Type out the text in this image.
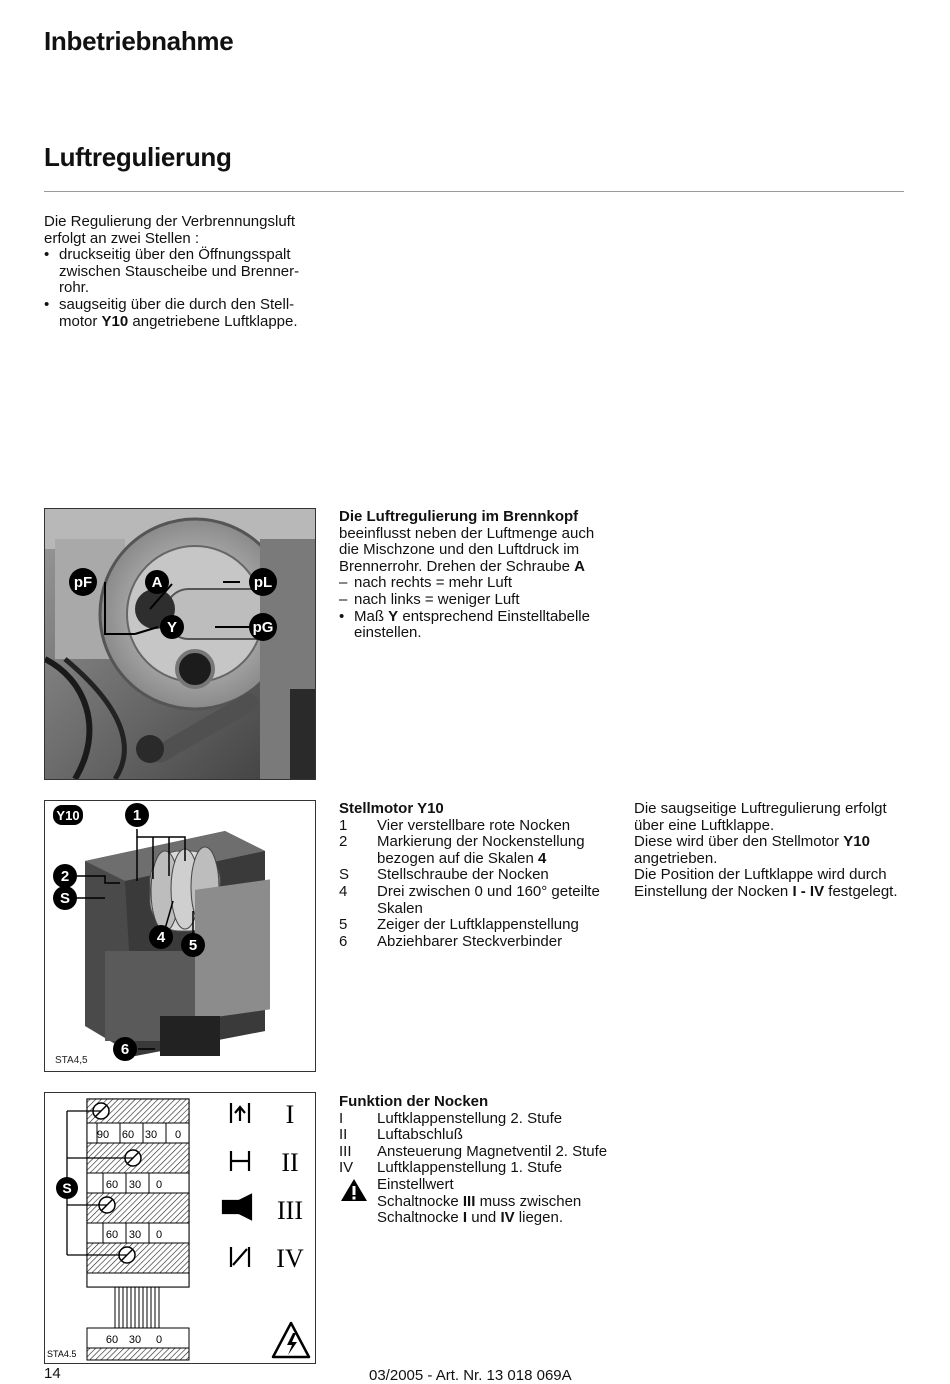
Inbetriebnahme
Luftregulierung
Die Regulierung der Verbrennungsluft
erfolgt an zwei Stellen :
• druckseitig über den Öffnungsspalt
zwischen Stauscheibe und Brenner-
rohr.
• saugseitig über die durch den Stell-
motor Y10 angetriebene Luftklappe.
pF	A	pL
Y	pG
Die Luftregulierung im Brennkopf
beeinflusst neben der Luftmenge auch
die Mischzone und den Luftdruck im
Brennerrohr. Drehen der Schraube A
– nach rechts = mehr Luft
– nach links = weniger Luft
• Maß Y entsprechend Einstelltabelle
einstellen.
Y10	1
2
S
4 5
6
STA4,5
Stellmotor Y10
1	Vier verstellbare rote Nocken
2	Markierung der Nockenstellung
bezogen auf die Skalen 4
S	Stellschraube der Nocken
4	Drei zwischen 0 und 160° geteilte
Skalen
5	Zeiger der Luftklappenstellung
6	Abziehbarer Steckverbinder
Die saugseitige Luftregulierung erfolgt
über eine Luftklappe.
Diese wird über den Stellmotor Y10
angetrieben.
Die Position der Luftklappe wird durch
Einstellung der Nocken I - IV festgelegt.
90 60 30 0
60 30 0
60 30 0
S
60 30 0
STA4.5
I
II
III
IV
Funktion der Nocken
I	Luftklappenstellung 2. Stufe
II	Luftabschluß
III	Ansteuerung Magnetventil 2. Stufe
IV	Luftklappenstellung 1. Stufe
Einstellwert
Schaltnocke III muss zwischen
Schaltnocke I und IV liegen.
14	03/2005 - Art. Nr. 13 018 069A
